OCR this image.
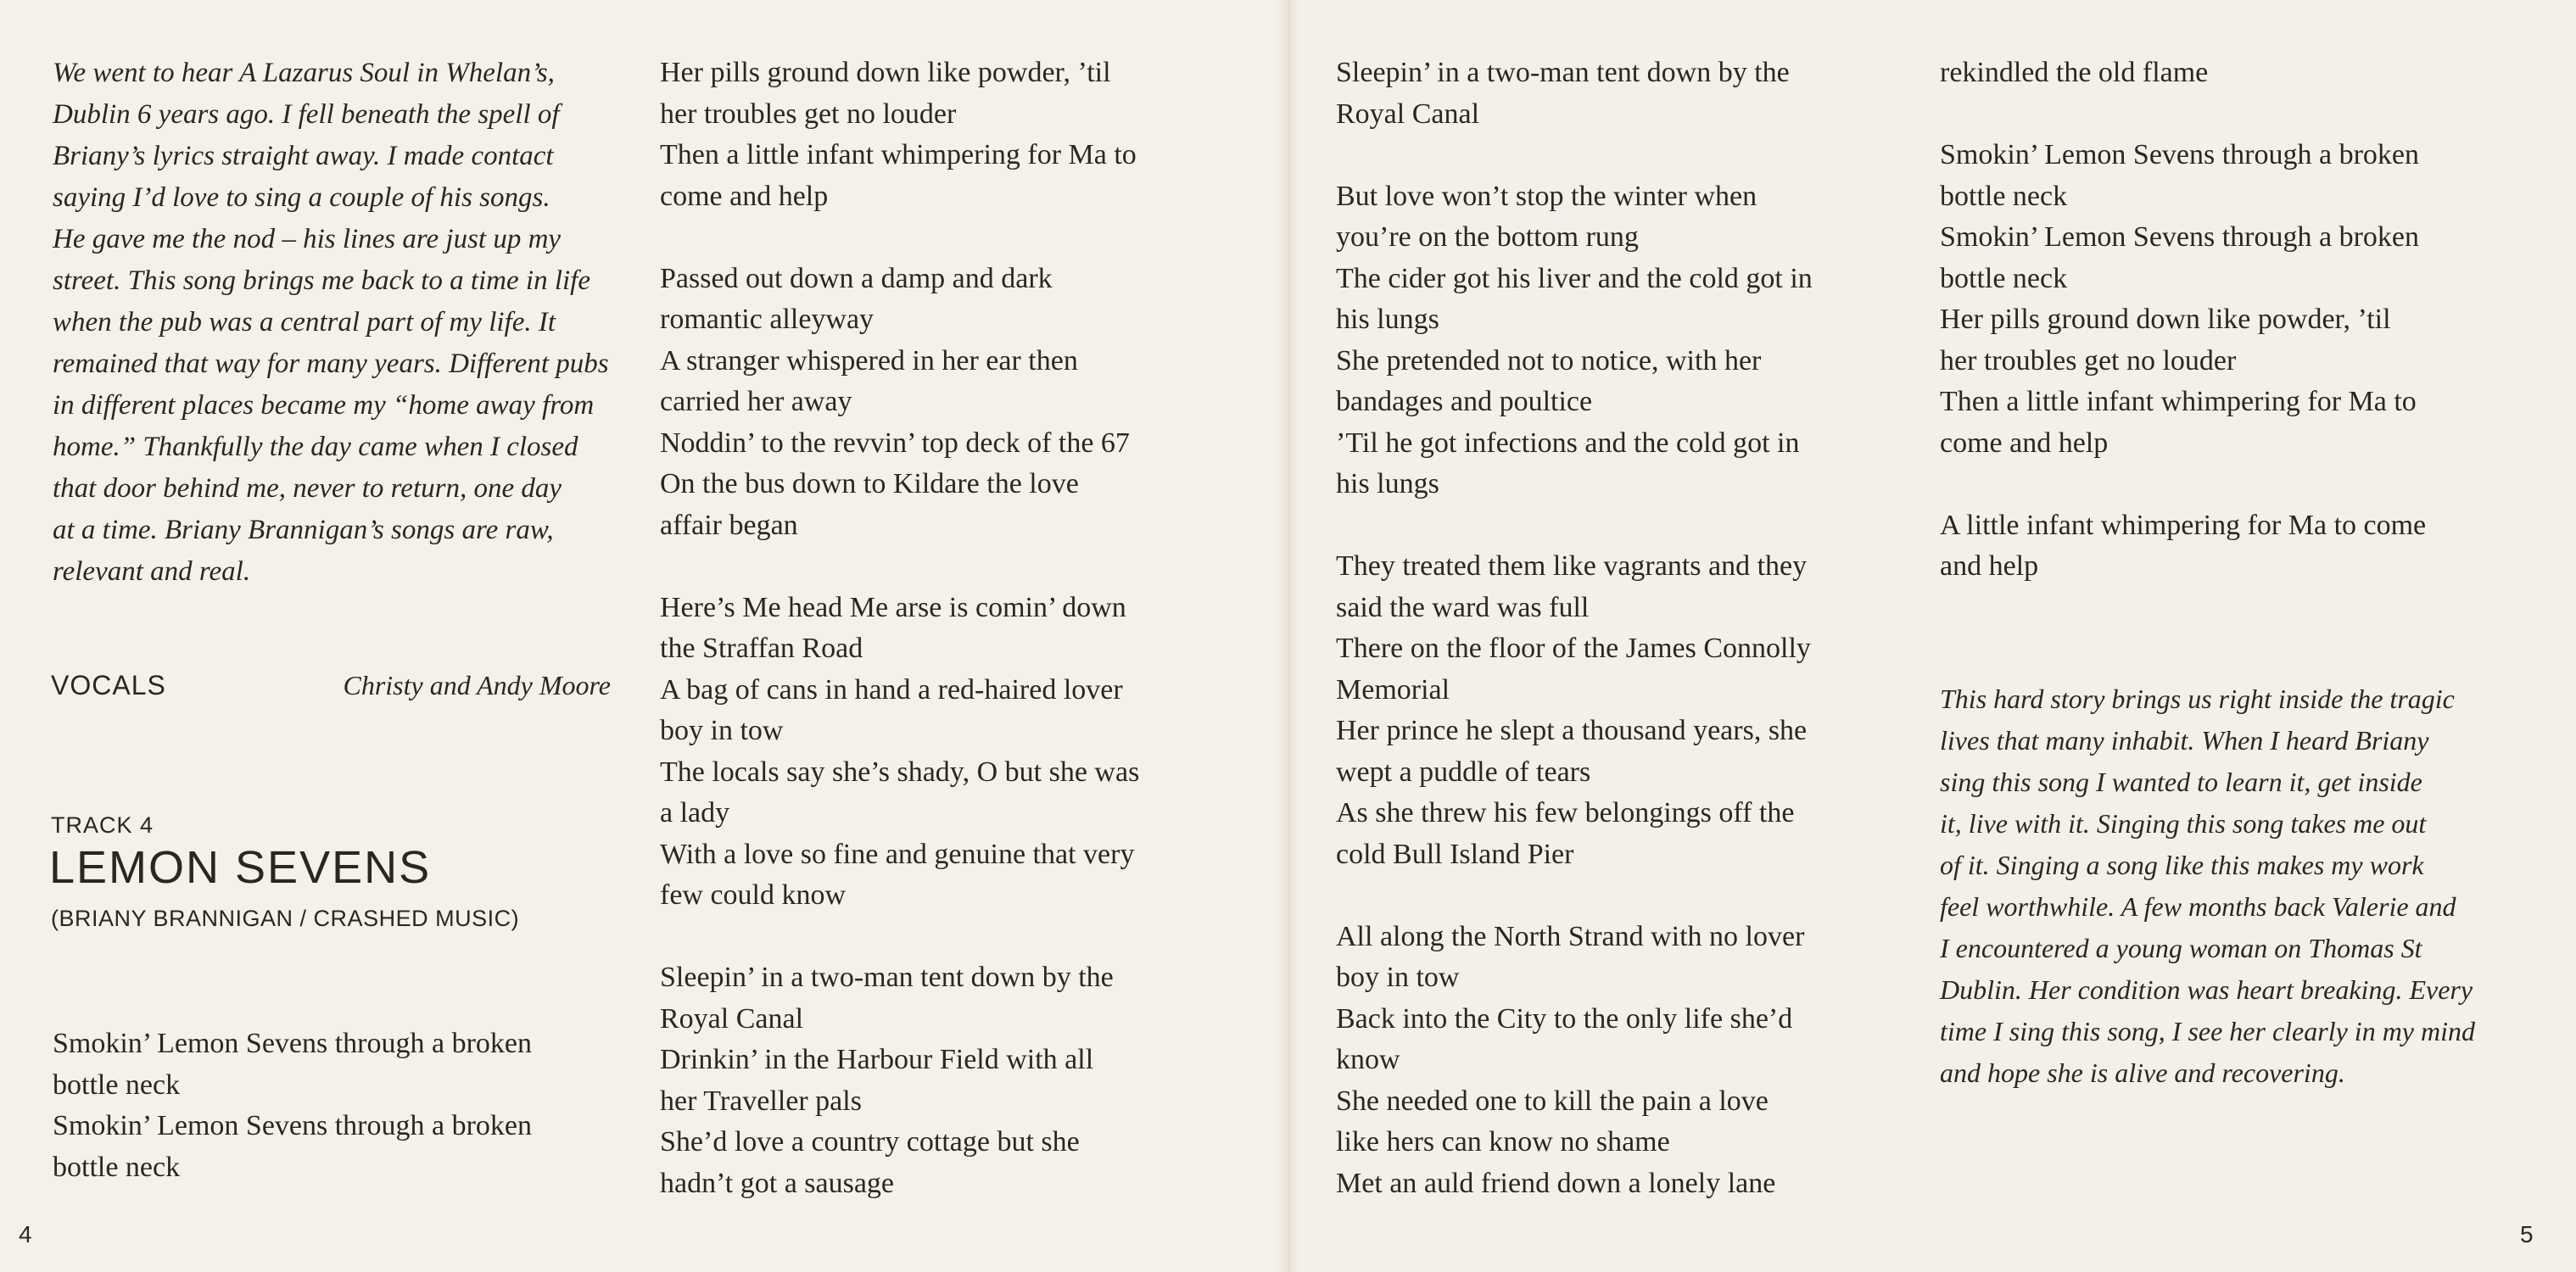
We went to hear A Lazarus Soul in Whelan’s,
Dublin 6 years ago. I fell beneath the spell of
Briany’s lyrics straight away. I made contact
saying I’d love to sing a couple of his songs.
He gave me the nod – his lines are just up my
street. This song brings me back to a time in life
when the pub was a central part of my life. It
remained that way for many years. Different pubs
in different places became my “home away from
home.” Thankfully the day came when I closed
that door behind me, never to return, one day
at a time. Briany Brannigan’s songs are raw,
relevant and real.
VOCALS	Christy and Andy Moore
TRACK 4
LEMON SEVENS
(BRIANY BRANNIGAN / CRASHED MUSIC)
Smokin’ Lemon Sevens through a broken
bottle neck
Smokin’ Lemon Sevens through a broken
bottle neck
Her pills ground down like powder, ’til
her troubles get no louder
Then a little infant whimpering for Ma to
come and help
Passed out down a damp and dark
romantic alleyway
A stranger whispered in her ear then
carried her away
Noddin’ to the revvin’ top deck of the 67
On the bus down to Kildare the love
affair began
Here’s Me head Me arse is comin’ down
the Straffan Road
A bag of cans in hand a red-haired lover
boy in tow
The locals say she’s shady, O but she was
a lady
With a love so fine and genuine that very
few could know
Sleepin’ in a two-man tent down by the
Royal Canal
Drinkin’ in the Harbour Field with all
her Traveller pals
She’d love a country cottage but she
hadn’t got a sausage
4
Sleepin’ in a two-man tent down by the
Royal Canal
But love won’t stop the winter when
you’re on the bottom rung
The cider got his liver and the cold got in
his lungs
She pretended not to notice, with her
bandages and poultice
’Til he got infections and the cold got in
his lungs
They treated them like vagrants and they
said the ward was full
There on the floor of the James Connolly
Memorial
Her prince he slept a thousand years, she
wept a puddle of tears
As she threw his few belongings off the
cold Bull Island Pier
All along the North Strand with no lover
boy in tow
Back into the City to the only life she’d
know
She needed one to kill the pain a love
like hers can know no shame
Met an auld friend down a lonely lane
rekindled the old flame
Smokin’ Lemon Sevens through a broken
bottle neck
Smokin’ Lemon Sevens through a broken
bottle neck
Her pills ground down like powder, ’til
her troubles get no louder
Then a little infant whimpering for Ma to
come and help
A little infant whimpering for Ma to come
and help
This hard story brings us right inside the tragic
lives that many inhabit. When I heard Briany
sing this song I wanted to learn it, get inside
it, live with it. Singing this song takes me out
of it. Singing a song like this makes my work
feel worthwhile. A few months back Valerie and
I encountered a young woman on Thomas St
Dublin. Her condition was heart breaking. Every
time I sing this song, I see her clearly in my mind
and hope she is alive and recovering.
5
